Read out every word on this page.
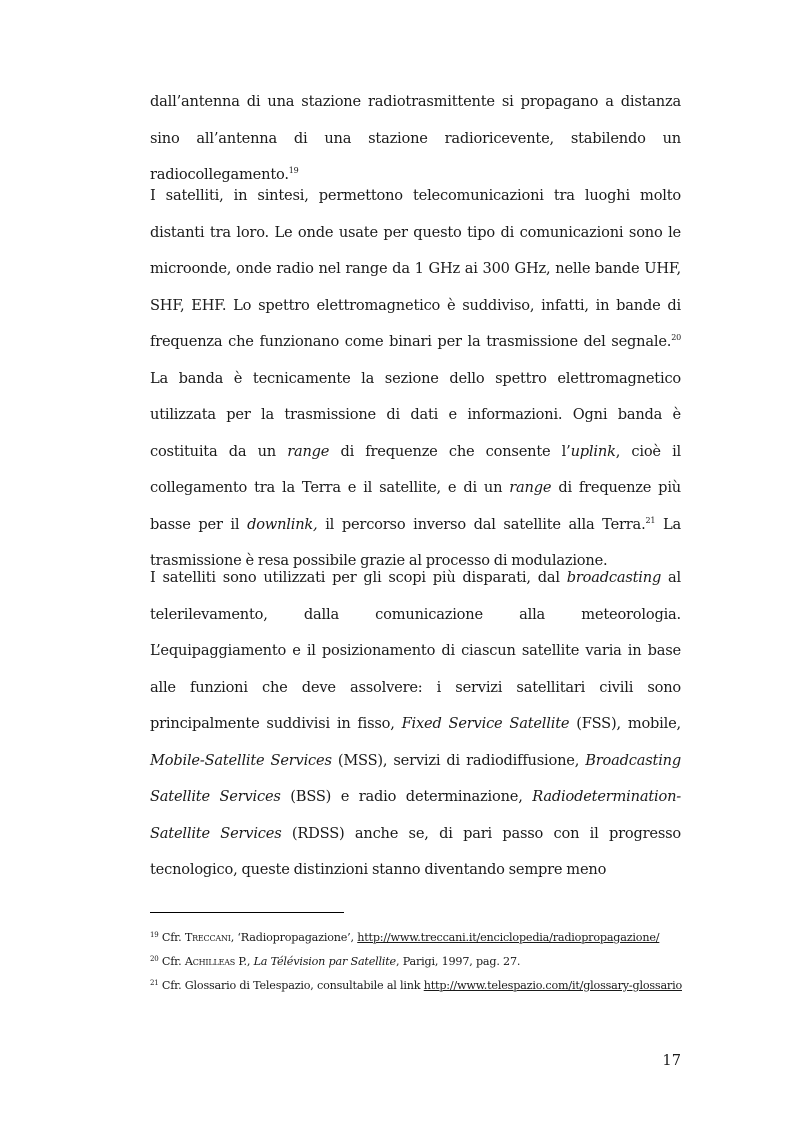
dall’antenna di una stazione radiotrasmittente si propagano a distanza sino all’antenna di una stazione radioricevente, stabilendo un radiocollegamento.$^{19}$

I satelliti, in sintesi, permettono telecomunicazioni tra luoghi molto distanti tra loro. Le onde usate per questo tipo di comunicazioni sono le microonde, onde radio nel range da 1 GHz ai 300 GHz, nelle bande UHF, SHF, EHF. Lo spettro elettromagnetico è suddiviso, infatti, in bande di frequenza che funzionano come binari per la trasmissione del segnale.$^{20}$ La banda è tecnicamente la sezione dello spettro elettromagnetico utilizzata per la trasmissione di dati e informazioni. Ogni banda è costituita da un range di frequenze che consente l’uplink, cioè il collegamento tra la Terra e il satellite, e di un range di frequenze più basse per il downlink, il percorso inverso dal satellite alla Terra.$^{21}$ La trasmissione è resa possibile grazie al processo di modulazione.

I satelliti sono utilizzati per gli scopi più disparati, dal broadcasting al telerilevamento, dalla comunicazione alla meteorologia. L’equipaggiamento e il posizionamento di ciascun satellite varia in base alle funzioni che deve assolvere: i servizi satellitari civili sono principalmente suddivisi in fisso, Fixed Service Satellite (FSS), mobile, Mobile-Satellite Services (MSS), servizi di radiodiffusione, Broadcasting Satellite Services (BSS) e radio determinazione, Radiodetermination-Satellite Services (RDSS) anche se, di pari passo con il progresso tecnologico, queste distinzioni stanno diventando sempre meno

$^{19}$ Cfr. Treccani, ‘Radiopropagazione’, http://www.treccani.it/enciclopedia/radiopropagazione/

$^{20}$ Cfr. Achilleas P., La Télévision par Satellite, Parigi, 1997, pag. 27.

$^{21}$ Cfr. Glossario di Telespazio, consultabile al link http://www.telespazio.com/it/glossary-glossario

17
